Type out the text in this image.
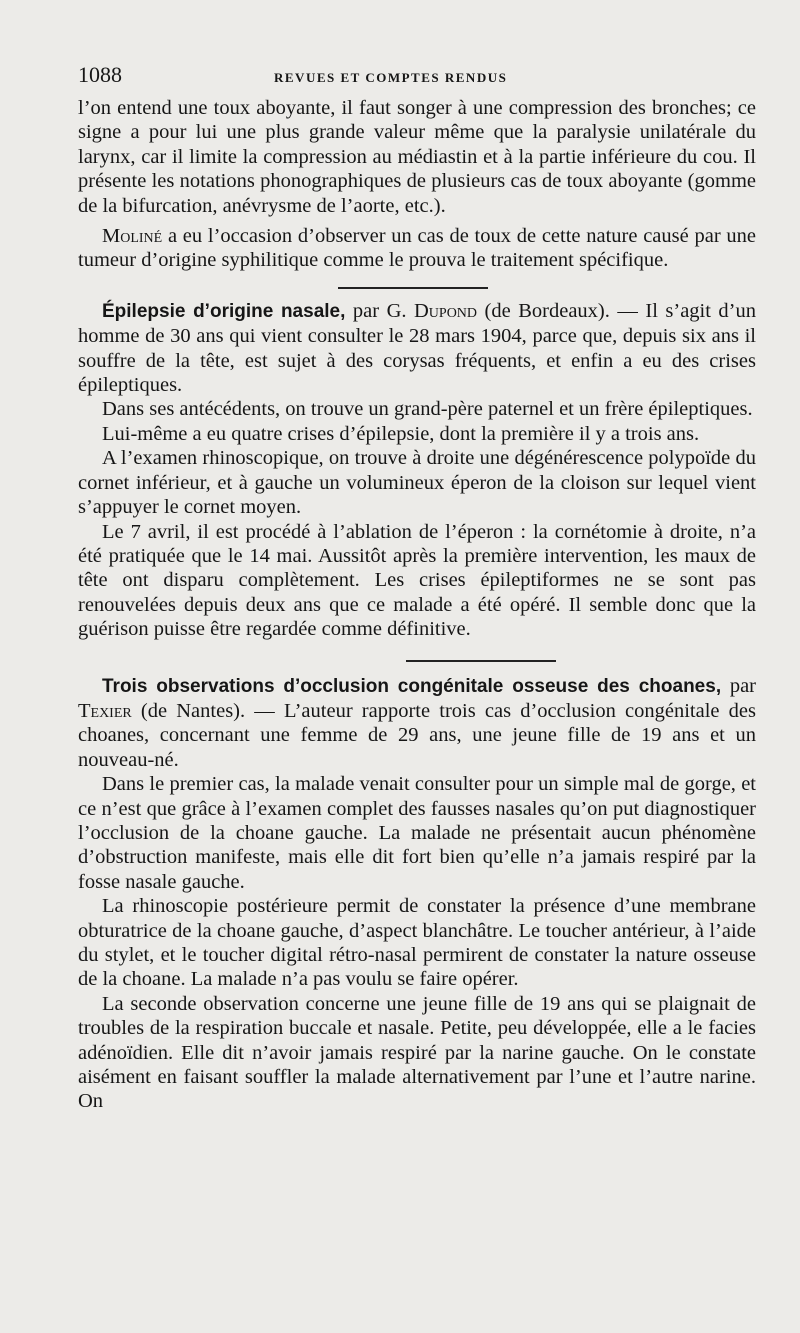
1088	REVUES ET COMPTES RENDUS

l’on entend une toux aboyante, il faut songer à une compression des bronches; ce signe a pour lui une plus grande valeur même que la paralysie unilatérale du larynx, car il limite la compression au médiastin et à la partie inférieure du cou. Il présente les notations phonographiques de plusieurs cas de toux aboyante (gomme de la bifurcation, anévrysme de l’aorte, etc.).

Moliné a eu l’occasion d’observer un cas de toux de cette nature causé par une tumeur d’origine syphilitique comme le prouva le traitement spécifique.

Épilepsie d’origine nasale, par G. Dupond (de Bordeaux). — Il s’agit d’un homme de 30 ans qui vient consulter le 28 mars 1904, parce que, depuis six ans il souffre de la tête, est sujet à des corysas fréquents, et enfin a eu des crises épileptiques.

Dans ses antécédents, on trouve un grand-père paternel et un frère épileptiques.

Lui-même a eu quatre crises d’épilepsie, dont la première il y a trois ans.

A l’examen rhinoscopique, on trouve à droite une dégénérescence polypoïde du cornet inférieur, et à gauche un volumineux éperon de la cloison sur lequel vient s’appuyer le cornet moyen.

Le 7 avril, il est procédé à l’ablation de l’éperon : la cornétomie à droite, n’a été pratiquée que le 14 mai. Aussitôt après la première intervention, les maux de tête ont disparu complètement. Les crises épileptiformes ne se sont pas renouvelées depuis deux ans que ce malade a été opéré. Il semble donc que la guérison puisse être regardée comme définitive.

Trois observations d’occlusion congénitale osseuse des choanes, par Texier (de Nantes). — L’auteur rapporte trois cas d’occlusion congénitale des choanes, concernant une femme de 29 ans, une jeune fille de 19 ans et un nouveau-né.

Dans le premier cas, la malade venait consulter pour un simple mal de gorge, et ce n’est que grâce à l’examen complet des fausses nasales qu’on put diagnostiquer l’occlusion de la choane gauche. La malade ne présentait aucun phénomène d’obstruction manifeste, mais elle dit fort bien qu’elle n’a jamais respiré par la fosse nasale gauche.

La rhinoscopie postérieure permit de constater la présence d’une membrane obturatrice de la choane gauche, d’aspect blanchâtre. Le toucher antérieur, à l’aide du stylet, et le toucher digital rétro-nasal permirent de constater la nature osseuse de la choane. La malade n’a pas voulu se faire opérer.

La seconde observation concerne une jeune fille de 19 ans qui se plaignait de troubles de la respiration buccale et nasale. Petite, peu développée, elle a le facies adénoïdien. Elle dit n’avoir jamais respiré par la narine gauche. On le constate aisément en faisant souffler la malade alternativement par l’une et l’autre narine. On
